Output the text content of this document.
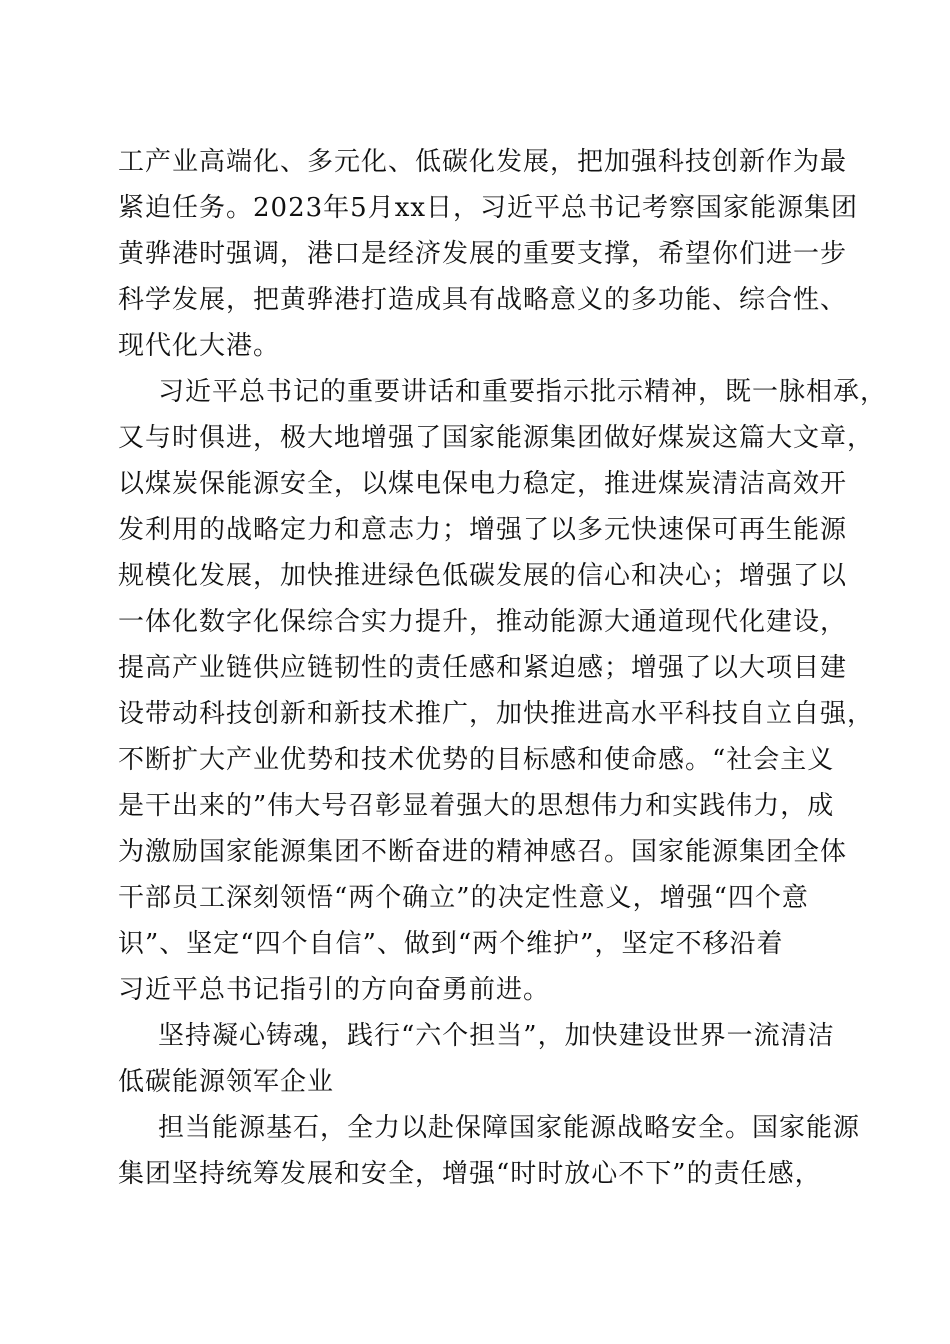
工产业高端化、多元化、低碳化发展，把加强科技创新作为最
紧迫任务。2023年5月xx日，习近平总书记考察国家能源集团
黄骅港时强调，港口是经济发展的重要支撑，希望你们进一步
科学发展，把黄骅港打造成具有战略意义的多功能、综合性、
现代化大港。
习近平总书记的重要讲话和重要指示批示精神，既一脉相承，
又与时俱进，极大地增强了国家能源集团做好煤炭这篇大文章，
以煤炭保能源安全，以煤电保电力稳定，推进煤炭清洁高效开
发利用的战略定力和意志力；增强了以多元快速保可再生能源
规模化发展，加快推进绿色低碳发展的信心和决心；增强了以
一体化数字化保综合实力提升，推动能源大通道现代化建设，
提高产业链供应链韧性的责任感和紧迫感；增强了以大项目建
设带动科技创新和新技术推广，加快推进高水平科技自立自强，
不断扩大产业优势和技术优势的目标感和使命感。“社会主义
是干出来的”伟大号召彰显着强大的思想伟力和实践伟力，成
为激励国家能源集团不断奋进的精神感召。国家能源集团全体
干部员工深刻领悟“两个确立”的决定性意义，增强“四个意
识”、坚定“四个自信”、做到“两个维护”，坚定不移沿着
习近平总书记指引的方向奋勇前进。
坚持凝心铸魂，践行“六个担当”，加快建设世界一流清洁
低碳能源领军企业
担当能源基石，全力以赴保障国家能源战略安全。国家能源
集团坚持统筹发展和安全，增强“时时放心不下”的责任感，
